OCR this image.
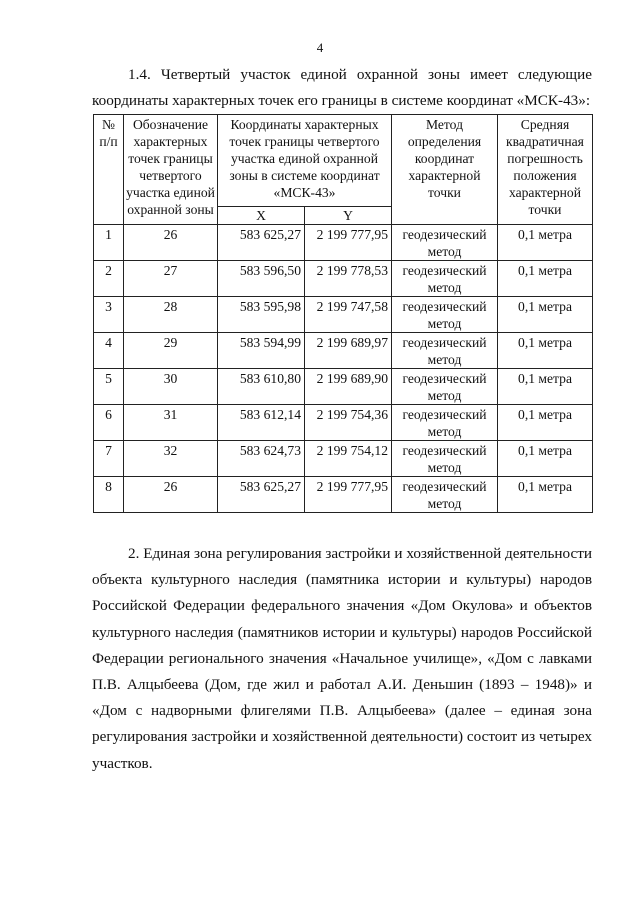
4

1.4. Четвертый участок единой охранной зоны имеет следующие координаты характерных точек его границы в системе координат «МСК-43»:

№ п/п	Обозначение характерных точек границы четвертого участка единой охранной зоны	Координаты характерных точек границы четвертого участка единой охранной зоны в системе координат «МСК-43»		Метод определения координат характерной точки	Средняя квадратичная погрешность положения характерной точки
		X	Y		
1	26	583 625,27	2 199 777,95	геодезический метод	0,1 метра
2	27	583 596,50	2 199 778,53	геодезический метод	0,1 метра
3	28	583 595,98	2 199 747,58	геодезический метод	0,1 метра
4	29	583 594,99	2 199 689,97	геодезический метод	0,1 метра
5	30	583 610,80	2 199 689,90	геодезический метод	0,1 метра
6	31	583 612,14	2 199 754,36	геодезический метод	0,1 метра
7	32	583 624,73	2 199 754,12	геодезический метод	0,1 метра
8	26	583 625,27	2 199 777,95	геодезический метод	0,1 метра

2. Единая зона регулирования застройки и хозяйственной деятельности объекта культурного наследия (памятника истории и культуры) народов Российской Федерации федерального значения «Дом Окулова» и объектов культурного наследия (памятников истории и культуры) народов Российской Федерации регионального значения «Начальное училище», «Дом с лавками П.В. Алцыбеева (Дом, где жил и работал А.И. Деньшин (1893 – 1948)» и «Дом с надворными флигелями П.В. Алцыбеева» (далее – единая зона регулирования застройки и хозяйственной деятельности) состоит из четырех участков.
